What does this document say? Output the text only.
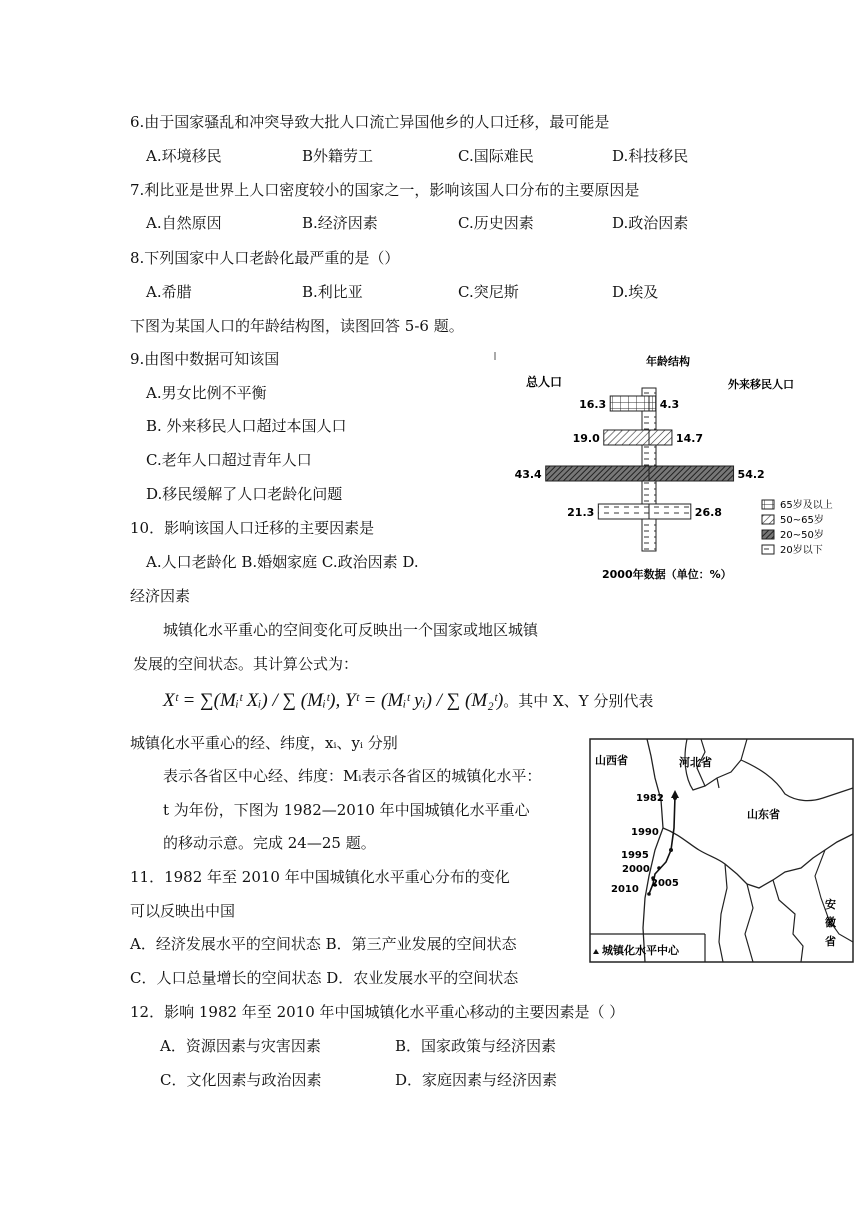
6.由于国家骚乱和冲突导致大批人口流亡异国他乡的人口迁移，最可能是
A.环境移民	B外籍劳工	C.国际难民	D.科技移民
7.利比亚是世界上人口密度较小的国家之一，影响该国人口分布的主要原因是
A.自然原因	B.经济因素	C.历史因素	D.政治因素
8.下列国家中人口老龄化最严重的是（）
A.希腊	B.利比亚	C.突尼斯	D.埃及
下图为某国人口的年龄结构图，读图回答 5-6 题。
9.由图中数据可知该国
A.男女比例不平衡
B. 外来移民人口超过本国人口
C.老年人口超过青年人口
D.移民缓解了人口老龄化问题
10．影响该国人口迁移的主要因素是
A.人口老龄化 B.婚姻家庭 C.政治因素 D.
经济因素
城镇化水平重心的空间变化可反映出一个国家或地区城镇
发展的空间状态。其计算公式为：
Xᵗ = ∑(Mᵢᵗ Xᵢ) / ∑ (Mᵢᵗ), Yᵗ = (Mᵢᵗ yᵢ) / ∑ (M₂ᵗ)。其中 X、Y 分别代表
城镇化水平重心的经、纬度，xᵢ、yᵢ 分别
表示各省区中心经、纬度：Mᵢ表示各省区的城镇化水平：
t 为年份，下图为 1982—2010 年中国城镇化水平重心
的移动示意。完成 24—25 题。
11．1982 年至 2010 年中国城镇化水平重心分布的变化
可以反映出中国
A．经济发展水平的空间状态 B．第三产业发展的空间状态
C．人口总量增长的空间状态 D．农业发展水平的空间状态
12．影响 1982 年至 2010 年中国城镇化水平重心移动的主要因素是（ ）
A．资源因素与灾害因素	B．国家政策与经济因素
C．文化因素与政治因素	D．家庭因素与经济因素
年龄结构
总人口	外来移民人口
16.3	4.3
19.0	14.7
43.4	54.2
21.3	26.8
65岁及以上
50~65岁
20~50岁
20岁以下
2000年数据（单位：%）
山西省	河北省
山东省
安
徽
省
1982
1990
1995
2000
2005
2010
城镇化水平中心
